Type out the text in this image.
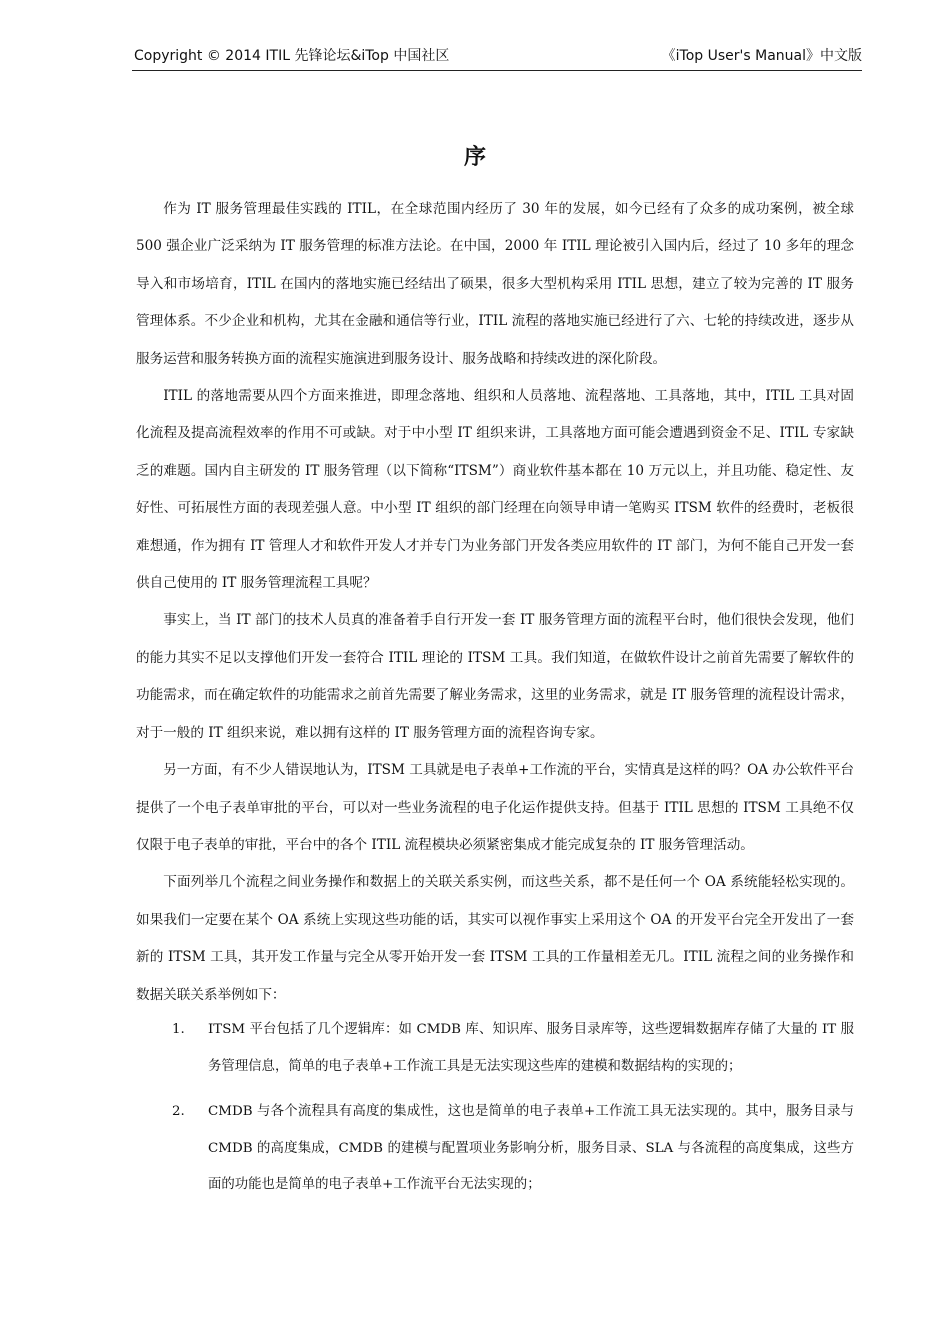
Copyright © 2014 ITIL 先锋论坛&iTop 中国社区	《iTop User's Manual》中文版
序

作为 IT 服务管理最佳实践的 ITIL，在全球范围内经历了 30 年的发展，如今已经有了众多的成功案例，被全球 500 强企业广泛采纳为 IT 服务管理的标准方法论。在中国，2000 年 ITIL 理论被引入国内后，经过了 10 多年的理念导入和市场培育，ITIL 在国内的落地实施已经结出了硕果，很多大型机构采用 ITIL 思想，建立了较为完善的 IT 服务管理体系。不少企业和机构，尤其在金融和通信等行业，ITIL 流程的落地实施已经进行了六、七轮的持续改进，逐步从服务运营和服务转换方面的流程实施演进到服务设计、服务战略和持续改进的深化阶段。

ITIL 的落地需要从四个方面来推进，即理念落地、组织和人员落地、流程落地、工具落地，其中，ITIL 工具对固化流程及提高流程效率的作用不可或缺。对于中小型 IT 组织来讲，工具落地方面可能会遭遇到资金不足、ITIL 专家缺乏的难题。国内自主研发的 IT 服务管理（以下简称“ITSM”）商业软件基本都在 10 万元以上，并且功能、稳定性、友好性、可拓展性方面的表现差强人意。中小型 IT 组织的部门经理在向领导申请一笔购买 ITSM 软件的经费时，老板很难想通，作为拥有 IT 管理人才和软件开发人才并专门为业务部门开发各类应用软件的 IT 部门，为何不能自己开发一套供自己使用的 IT 服务管理流程工具呢？

事实上，当 IT 部门的技术人员真的准备着手自行开发一套 IT 服务管理方面的流程平台时，他们很快会发现，他们的能力其实不足以支撑他们开发一套符合 ITIL 理论的 ITSM 工具。我们知道，在做软件设计之前首先需要了解软件的功能需求，而在确定软件的功能需求之前首先需要了解业务需求，这里的业务需求，就是 IT 服务管理的流程设计需求，对于一般的 IT 组织来说，难以拥有这样的 IT 服务管理方面的流程咨询专家。

另一方面，有不少人错误地认为，ITSM 工具就是电子表单+工作流的平台，实情真是这样的吗？OA 办公软件平台提供了一个电子表单审批的平台，可以对一些业务流程的电子化运作提供支持。但基于 ITIL 思想的 ITSM 工具绝不仅仅限于电子表单的审批，平台中的各个 ITIL 流程模块必须紧密集成才能完成复杂的 IT 服务管理活动。

下面列举几个流程之间业务操作和数据上的关联关系实例，而这些关系，都不是任何一个 OA 系统能轻松实现的。如果我们一定要在某个 OA 系统上实现这些功能的话，其实可以视作事实上采用这个 OA 的开发平台完全开发出了一套新的 ITSM 工具，其开发工作量与完全从零开始开发一套 ITSM 工具的工作量相差无几。ITIL 流程之间的业务操作和数据关联关系举例如下：

1. ITSM 平台包括了几个逻辑库：如 CMDB 库、知识库、服务目录库等，这些逻辑数据库存储了大量的 IT 服务管理信息，简单的电子表单+工作流工具是无法实现这些库的建模和数据结构的实现的；
2. CMDB 与各个流程具有高度的集成性，这也是简单的电子表单+工作流工具无法实现的。其中，服务目录与 CMDB 的高度集成，CMDB 的建模与配置项业务影响分析，服务目录、SLA 与各流程的高度集成，这些方面的功能也是简单的电子表单+工作流平台无法实现的；
